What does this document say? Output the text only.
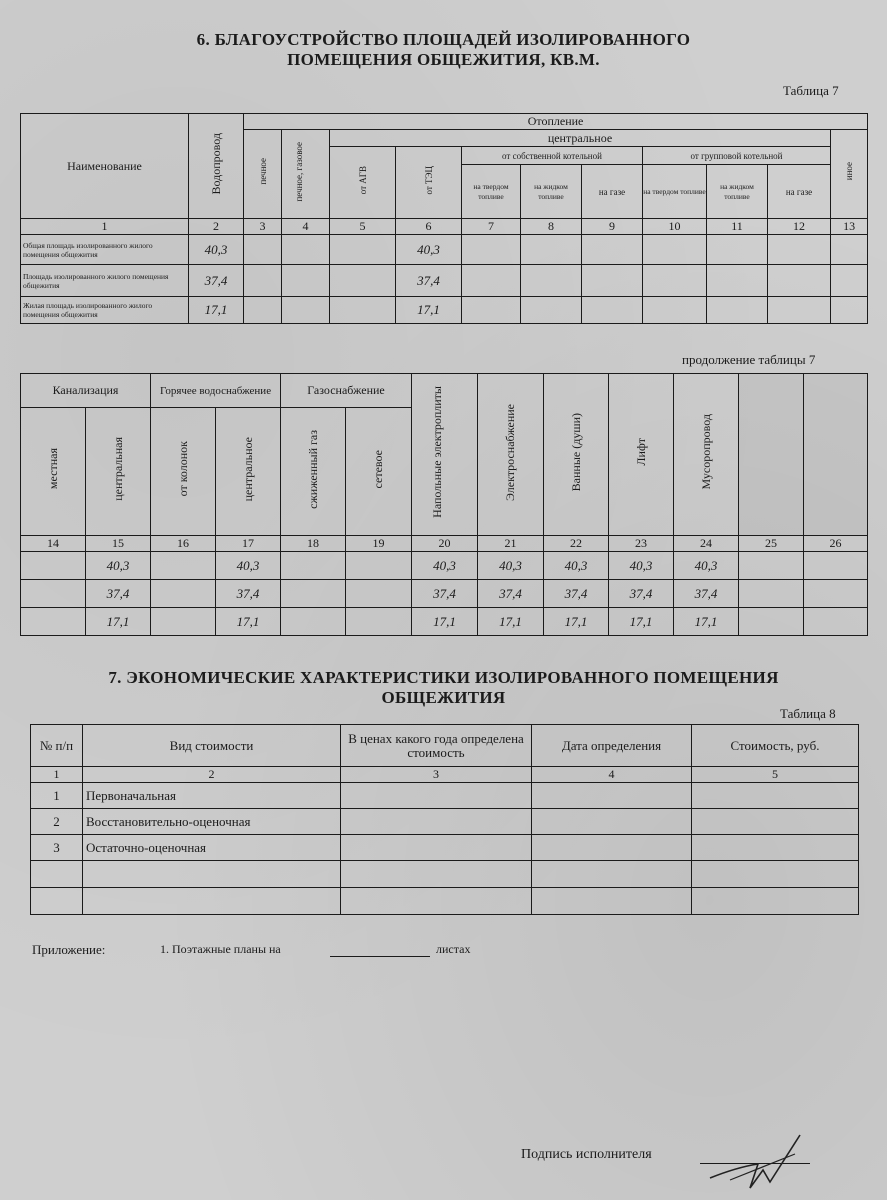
6. БЛАГОУСТРОЙСТВО ПЛОЩАДЕЙ ИЗОЛИРОВАННОГО
ПОМЕЩЕНИЯ ОБЩЕЖИТИЯ, КВ.М.
Таблица 7
Наименование	Водопровод	Отопление										
		печное	печное, газовое	центральное								иное
				от АГВ	от ТЭЦ	от собственной котельной			от групповой котельной			
						на твердом топливе	на жидком топливе	на газе	на твердом топливе	на жидком топливе	на газе	
1	2	3	4	5	6	7	8	9	10	11	12	13
Общая площадь изолированного жилого помещения общежития	40,3				40,3							
Площадь изолированного жилого помещения общежития	37,4				37,4							
Жилая площадь изолированного жилого помещения общежития	17,1				17,1							
продолжение таблицы 7
Канализация		Горячее водоснабжение		Газоснабжение		Напольные электроплиты	Электроснабжение	Ванные (души)	Лифт	Мусоропровод		
местная	центральная	от колонок	центральное	сжиженный газ	сетевое							
14	15	16	17	18	19	20	21	22	23	24	25	26
	40,3		40,3			40,3	40,3	40,3	40,3	40,3		
	37,4		37,4			37,4	37,4	37,4	37,4	37,4		
	17,1		17,1			17,1	17,1	17,1	17,1	17,1		
7. ЭКОНОМИЧЕСКИЕ ХАРАКТЕРИСТИКИ ИЗОЛИРОВАННОГО ПОМЕЩЕНИЯ
ОБЩЕЖИТИЯ
Таблица 8
№ п/п	Вид стоимости	В ценах какого года определена стоимость	Дата определения	Стоимость, руб.
1	2	3	4	5
1	Первоначальная			
2	Восстановительно-оценочная			
3	Остаточно-оценочная			

Приложение:	1. Поэтажные планы на	листах
Подпись исполнителя
